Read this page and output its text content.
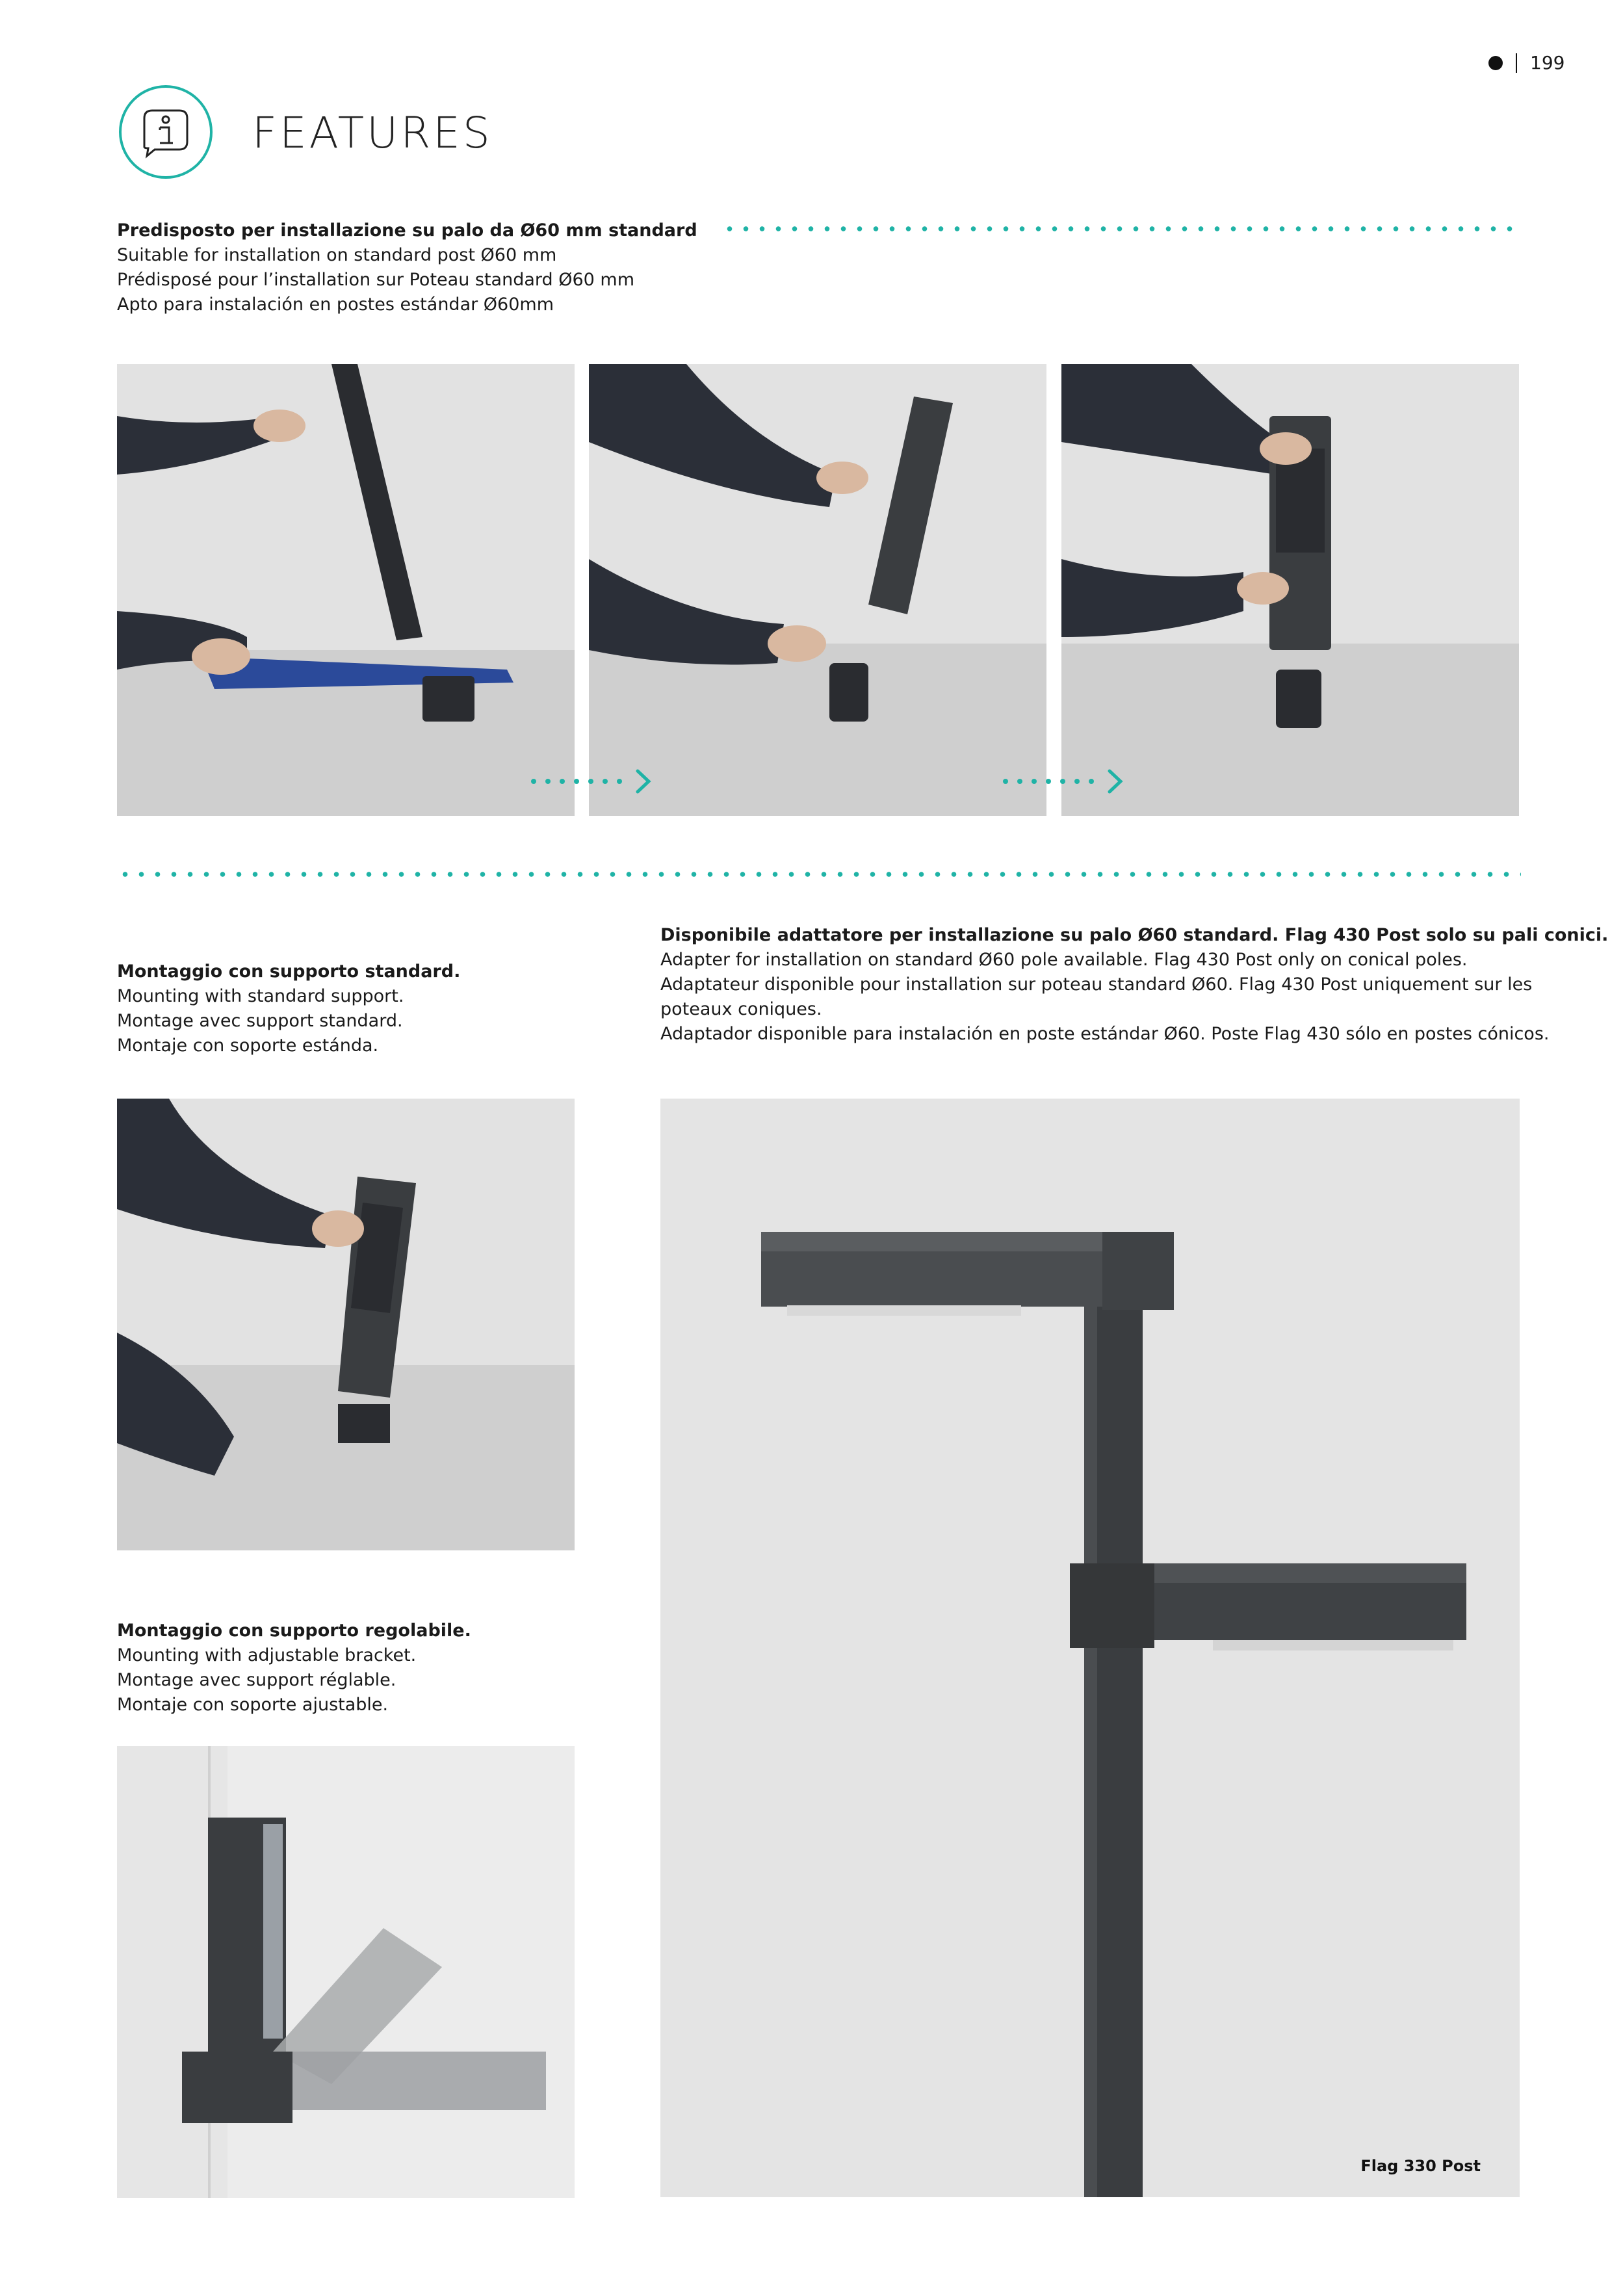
199
FEATURES
Predisposto per installazione su palo da Ø60 mm standard
Suitable for installation on standard post Ø60 mm
Prédisposé pour l’installation sur Poteau standard Ø60 mm
Apto para instalación en postes estándar Ø60mm
Montaggio con supporto standard.
Mounting with standard support.
Montage avec support standard.
Montaje con soporte estánda.
Disponibile adattatore per installazione su palo Ø60 standard. Flag 430 Post solo su pali conici.
Adapter for installation on standard Ø60 pole available. Flag 430 Post only on conical poles.
Adaptateur disponible pour installation sur poteau standard Ø60. Flag 430 Post uniquement sur les
poteaux coniques.
Adaptador disponible para instalación en poste estándar Ø60. Poste Flag 430 sólo en postes cónicos.
Flag 330 Post
Montaggio con supporto regolabile.
Mounting with adjustable bracket.
Montage avec support réglable.
Montaje con soporte ajustable.
